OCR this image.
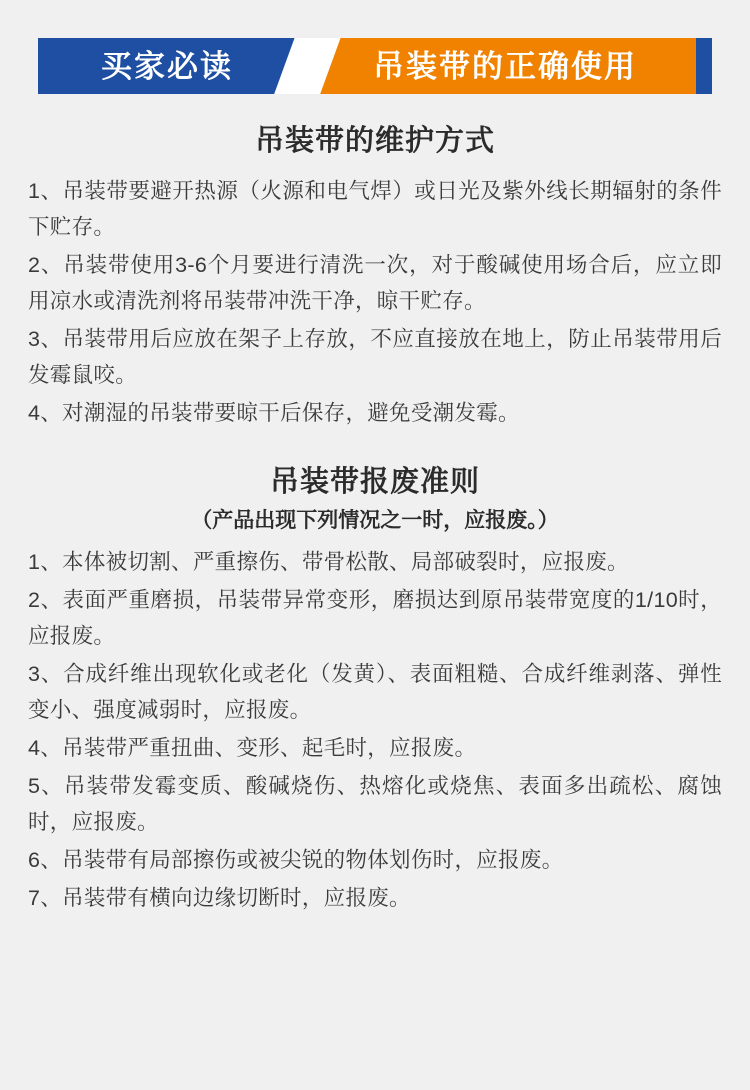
吊装带的正确使用
买家必读
吊装带的维护方式

1、吊装带要避开热源（火源和电气焊）或日光及紫外线长期辐射的条件下贮存。

2、吊装带使用3-6个月要进行清洗一次，对于酸碱使用场合后，应立即用凉水或清洗剂将吊装带冲洗干净，晾干贮存。

3、吊装带用后应放在架子上存放，不应直接放在地上，防止吊装带用后发霉鼠咬。

4、对潮湿的吊装带要晾干后保存，避免受潮发霉。

吊装带报废准则
（产品出现下列情况之一时，应报废。）

1、本体被切割、严重擦伤、带骨松散、局部破裂时，应报废。

2、表面严重磨损，吊装带异常变形，磨损达到原吊装带宽度的1/10时，应报废。

3、合成纤维出现软化或老化（发黄）、表面粗糙、合成纤维剥落、弹性变小、强度减弱时，应报废。

4、吊装带严重扭曲、变形、起毛时，应报废。

5、吊装带发霉变质、酸碱烧伤、热熔化或烧焦、表面多出疏松、腐蚀时，应报废。

6、吊装带有局部擦伤或被尖锐的物体划伤时，应报废。

7、吊装带有横向边缘切断时，应报废。
